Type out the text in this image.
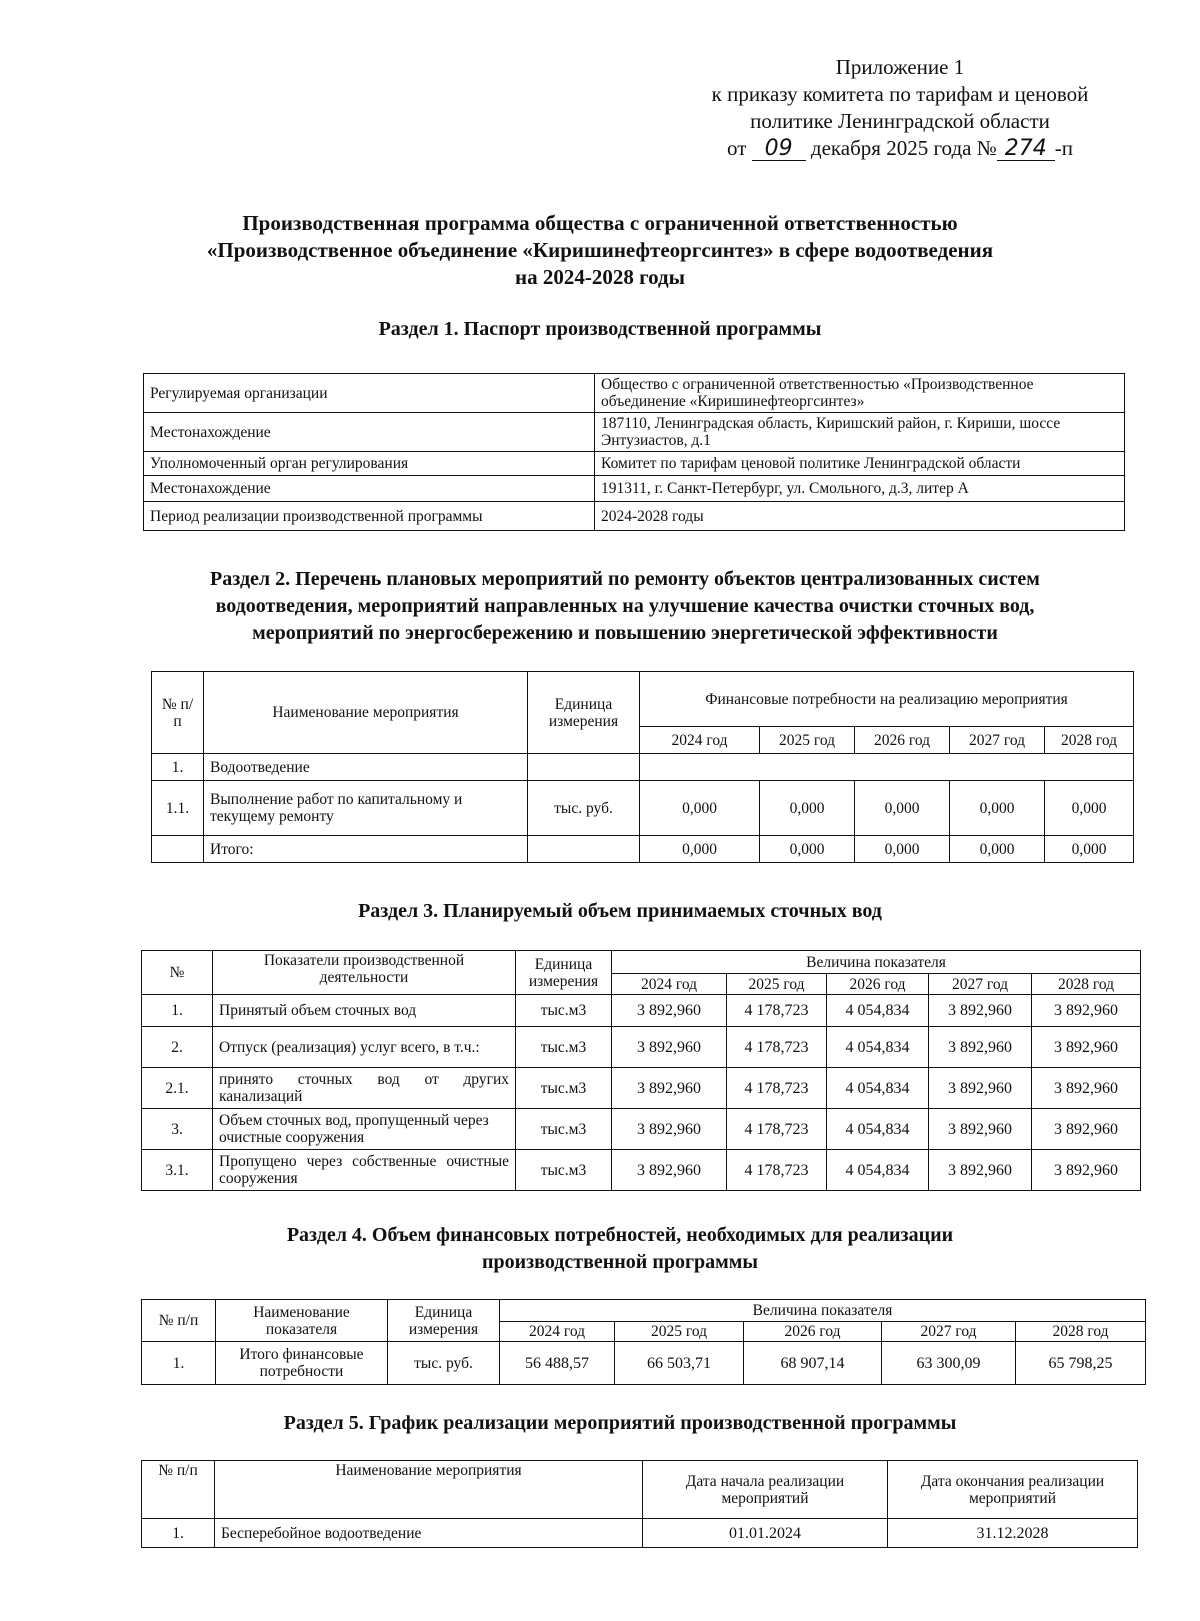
Приложение 1
к приказу комитета по тарифам и ценовой
политике Ленинградской области
от 09 декабря 2025 года № 274 -п
Производственная программа общества с ограниченной ответственностью
«Производственное объединение «Киришинефтеоргсинтез» в сфере водоотведения
на 2024-2028 годы
Раздел 1. Паспорт производственной программы
Регулируемая организации	Общество с ограниченной ответственностью «Производственное объединение «Киришинефтеоргсинтез»
Местонахождение	187110, Ленинградская область, Киришский район, г. Кириши, шоссе Энтузиастов, д.1
Уполномоченный орган регулирования	Комитет по тарифам ценовой политике Ленинградской области
Местонахождение	191311, г. Санкт-Петербург, ул. Смольного, д.3, литер А
Период реализации производственной программы	2024-2028 годы
Раздел 2. Перечень плановых мероприятий по ремонту объектов централизованных систем
водоотведения, мероприятий направленных на улучшение качества очистки сточных вод,
мероприятий по энергосбережению и повышению энергетической эффективности
№ п/п	Наименование мероприятия	Единица измерения	Финансовые потребности на реализацию мероприятия				
			2024 год	2025 год	2026 год	2027 год	2028 год
1.	Водоотведение						
1.1.	Выполнение работ по капитальному и текущему ремонту	тыс. руб.	0,000	0,000	0,000	0,000	0,000
	Итого:		0,000	0,000	0,000	0,000	0,000
Раздел 3. Планируемый объем принимаемых сточных вод
№	Показатели производственной деятельности	Единица измерения	Величина показателя				
			2024 год	2025 год	2026 год	2027 год	2028 год
1.	Принятый объем сточных вод	тыс.м3	3 892,960	4 178,723	4 054,834	3 892,960	3 892,960
2.	Отпуск (реализация) услуг всего, в т.ч.:	тыс.м3	3 892,960	4 178,723	4 054,834	3 892,960	3 892,960
2.1.	принято сточных вод от других канализаций	тыс.м3	3 892,960	4 178,723	4 054,834	3 892,960	3 892,960
3.	Объем сточных вод, пропущенный через очистные сооружения	тыс.м3	3 892,960	4 178,723	4 054,834	3 892,960	3 892,960
3.1.	Пропущено через собственные очистные сооружения	тыс.м3	3 892,960	4 178,723	4 054,834	3 892,960	3 892,960
Раздел 4. Объем финансовых потребностей, необходимых для реализации
производственной программы
№ п/п	Наименование показателя	Единица измерения	Величина показателя				
			2024 год	2025 год	2026 год	2027 год	2028 год
1.	Итого финансовые потребности	тыс. руб.	56 488,57	66 503,71	68 907,14	63 300,09	65 798,25
Раздел 5. График реализации мероприятий производственной программы
№ п/п	Наименование мероприятия	Дата начала реализации мероприятий	Дата окончания реализации мероприятий
1.	Бесперебойное водоотведение	01.01.2024	31.12.2028
